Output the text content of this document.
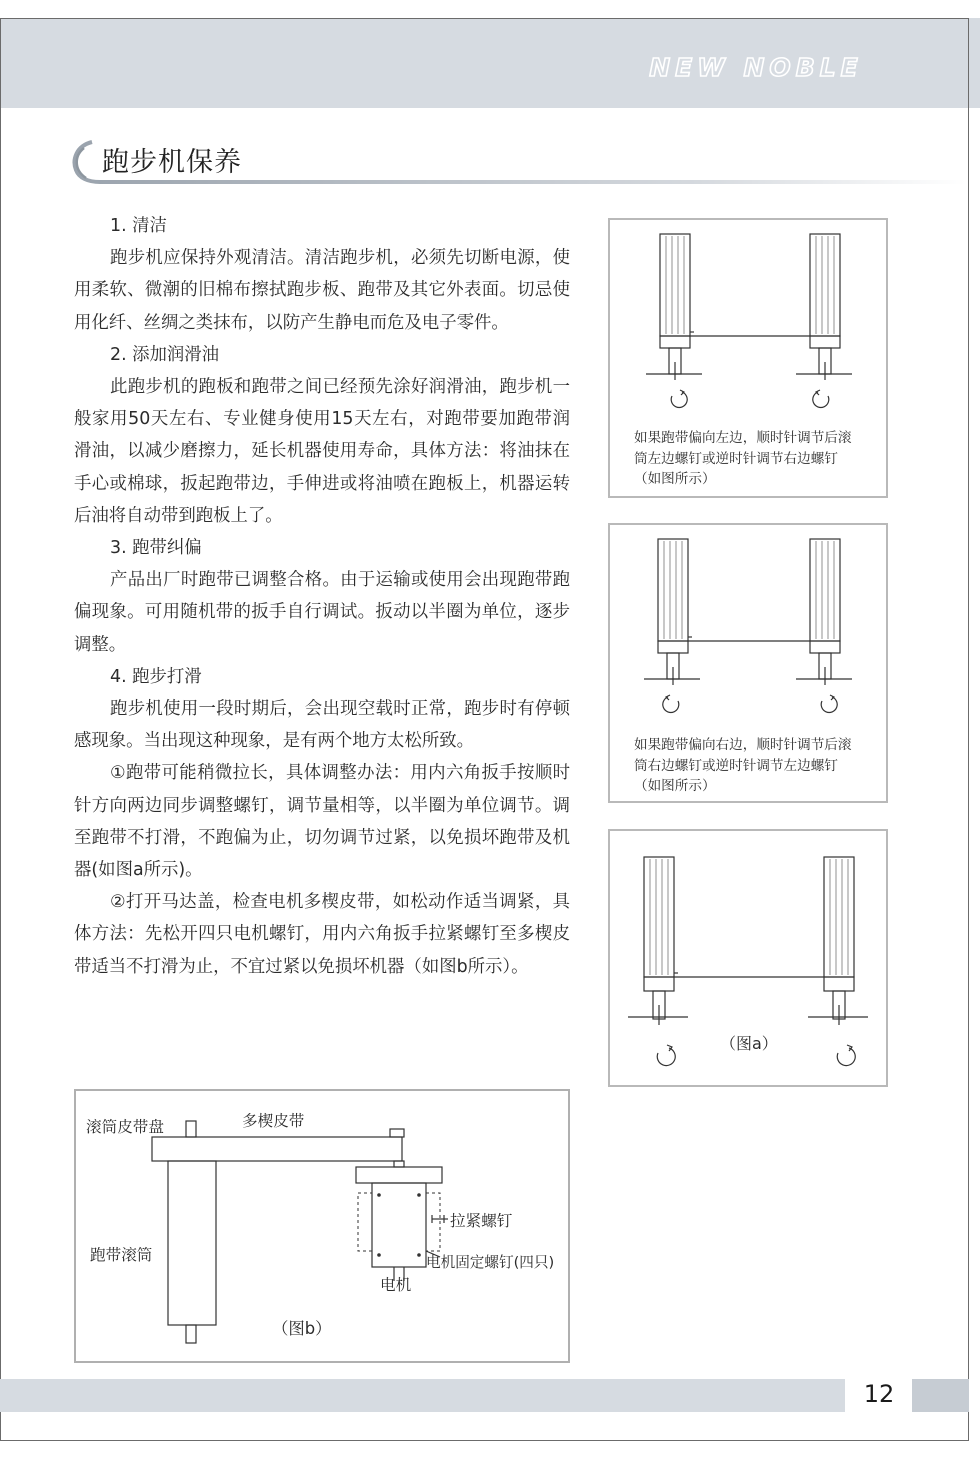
NEW NOBLE
跑步机保养

1. 清洁

跑步机应保持外观清洁。清洁跑步机，必须先切断电源，使用柔软、微潮的旧棉布擦拭跑步板、跑带及其它外表面。切忌使用化纤、丝绸之类抹布，以防产生静电而危及电子零件。

2. 添加润滑油

此跑步机的跑板和跑带之间已经预先涂好润滑油，跑步机一般家用50天左右、专业健身使用15天左右，对跑带要加跑带润滑油，以减少磨擦力，延长机器使用寿命，具体方法：将油抹在手心或棉球，扳起跑带边，手伸进或将油喷在跑板上，机器运转后油将自动带到跑板上了。

3. 跑带纠偏

产品出厂时跑带已调整合格。由于运输或使用会出现跑带跑偏现象。可用随机带的扳手自行调试。扳动以半圈为单位，逐步调整。

4. 跑步打滑

跑步机使用一段时期后，会出现空载时正常，跑步时有停顿感现象。当出现这种现象，是有两个地方太松所致。

①跑带可能稍微拉长，具体调整办法：用内六角扳手按顺时针方向两边同步调整螺钉，调节量相等，以半圈为单位调节。调至跑带不打滑，不跑偏为止，切勿调节过紧，以免损坏跑带及机器(如图a所示)。

②打开马达盖，检查电机多楔皮带，如松动作适当调紧，具体方法：先松开四只电机螺钉，用内六角扳手拉紧螺钉至多楔皮带适当不打滑为止，不宜过紧以免损坏机器（如图b所示）。

如果跑带偏向左边，顺时针调节后滚
筒左边螺钉或逆时针调节右边螺钉
（如图所示）
如果跑带偏向右边，顺时针调节后滚
筒右边螺钉或逆时针调节左边螺钉
（如图所示）
（图a）
滚筒皮带盘	多楔皮带
拉紧螺钉
跑带滚筒	电机固定螺钉(四只)
电机
（图b）
12
